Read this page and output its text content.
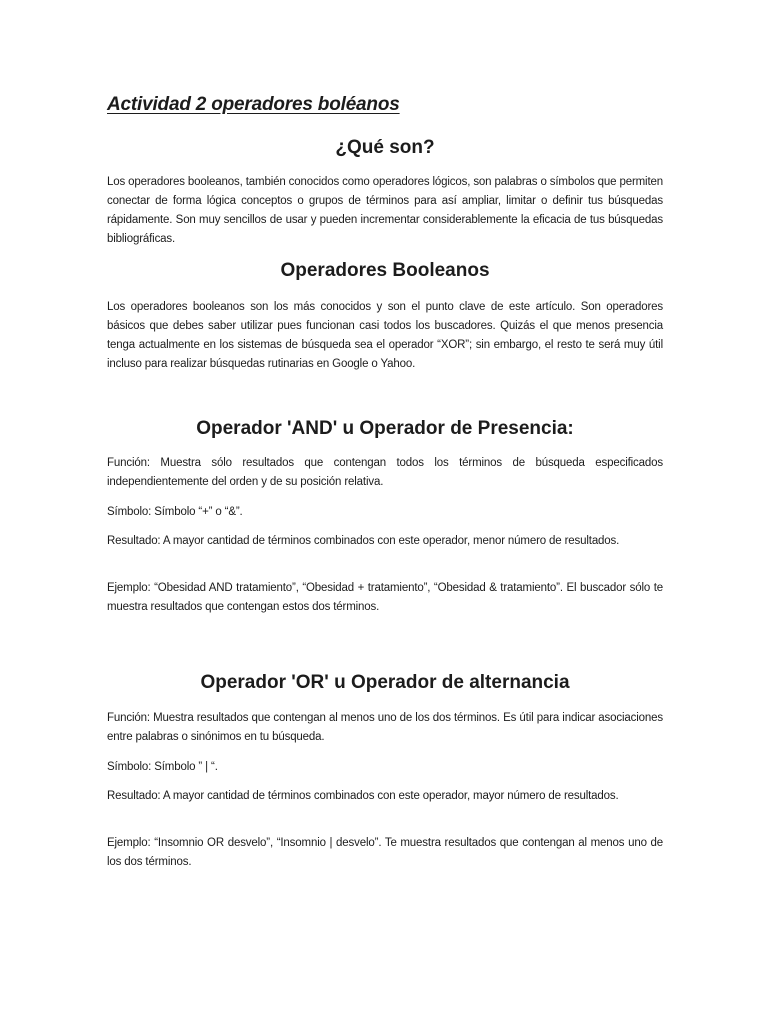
Actividad 2 operadores boléanos
¿Qué son?

Los operadores booleanos, también conocidos como operadores lógicos, son palabras o símbolos que permiten conectar de forma lógica conceptos o grupos de términos para así ampliar, limitar o definir tus búsquedas rápidamente. Son muy sencillos de usar y pueden incrementar considerablemente la eficacia de tus búsquedas bibliográficas.

Operadores Booleanos

Los operadores booleanos son los más conocidos y son el punto clave de este artículo. Son operadores básicos que debes saber utilizar pues funcionan casi todos los buscadores. Quizás el que menos presencia tenga actualmente en los sistemas de búsqueda sea el operador “XOR”; sin embargo, el resto te será muy útil incluso para realizar búsquedas rutinarias en Google o Yahoo.

Operador 'AND' u Operador de Presencia:

Función: Muestra sólo resultados que contengan todos los términos de búsqueda especificados independientemente del orden y de su posición relativa.

Símbolo: Símbolo “+” o “&”.

Resultado: A mayor cantidad de términos combinados con este operador, menor número de resultados.

Ejemplo: “Obesidad AND tratamiento”, “Obesidad + tratamiento”, “Obesidad & tratamiento”. El buscador sólo te muestra resultados que contengan estos dos términos.

Operador 'OR' u Operador de alternancia

Función: Muestra resultados que contengan al menos uno de los dos términos. Es útil para indicar asociaciones entre palabras o sinónimos en tu búsqueda.

Símbolo: Símbolo ” | “.

Resultado: A mayor cantidad de términos combinados con este operador, mayor número de resultados.

Ejemplo: “Insomnio OR desvelo”, “Insomnio | desvelo”. Te muestra resultados que contengan al menos uno de los dos términos.
